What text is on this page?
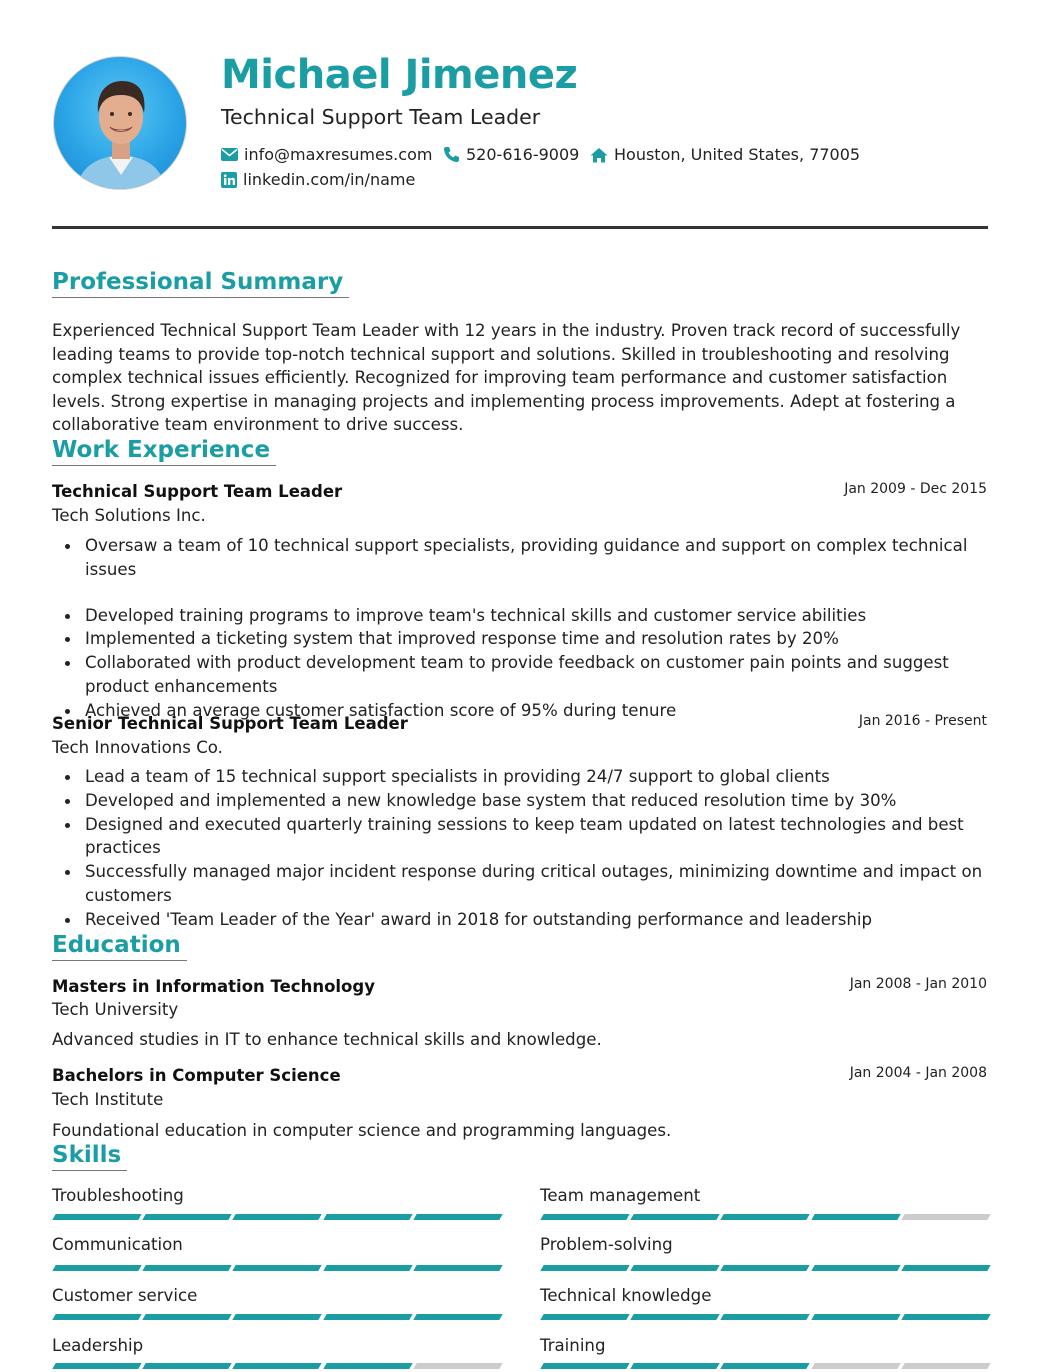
Michael Jimenez
Technical Support Team Leader
info@maxresumes.com 520-616-9009 Houston, United States, 77005
linkedin.com/in/name
Professional Summary
Experienced Technical Support Team Leader with 12 years in the industry. Proven track record of successfully leading teams to provide top-notch technical support and solutions. Skilled in troubleshooting and resolving complex technical issues efficiently. Recognized for improving team performance and customer satisfaction levels. Strong expertise in managing projects and implementing process improvements. Adept at fostering a collaborative team environment to drive success.
Work Experience
Technical Support Team Leader	Jan 2009 - Dec 2015
Tech Solutions Inc.
Oversaw a team of 10 technical support specialists, providing guidance and support on complex technical issues
Developed training programs to improve team's technical skills and customer service abilities
Implemented a ticketing system that improved response time and resolution rates by 20%
Collaborated with product development team to provide feedback on customer pain points and suggest product enhancements
Achieved an average customer satisfaction score of 95% during tenure
Senior Technical Support Team Leader	Jan 2016 - Present
Tech Innovations Co.
Lead a team of 15 technical support specialists in providing 24/7 support to global clients
Developed and implemented a new knowledge base system that reduced resolution time by 30%
Designed and executed quarterly training sessions to keep team updated on latest technologies and best practices
Successfully managed major incident response during critical outages, minimizing downtime and impact on customers
Received 'Team Leader of the Year' award in 2018 for outstanding performance and leadership
Education
Masters in Information Technology	Jan 2008 - Jan 2010
Tech University
Advanced studies in IT to enhance technical skills and knowledge.
Bachelors in Computer Science	Jan 2004 - Jan 2008
Tech Institute
Foundational education in computer science and programming languages.
Skills
Troubleshooting	Team management
Communication	Problem-solving
Customer service	Technical knowledge
Leadership	Training
